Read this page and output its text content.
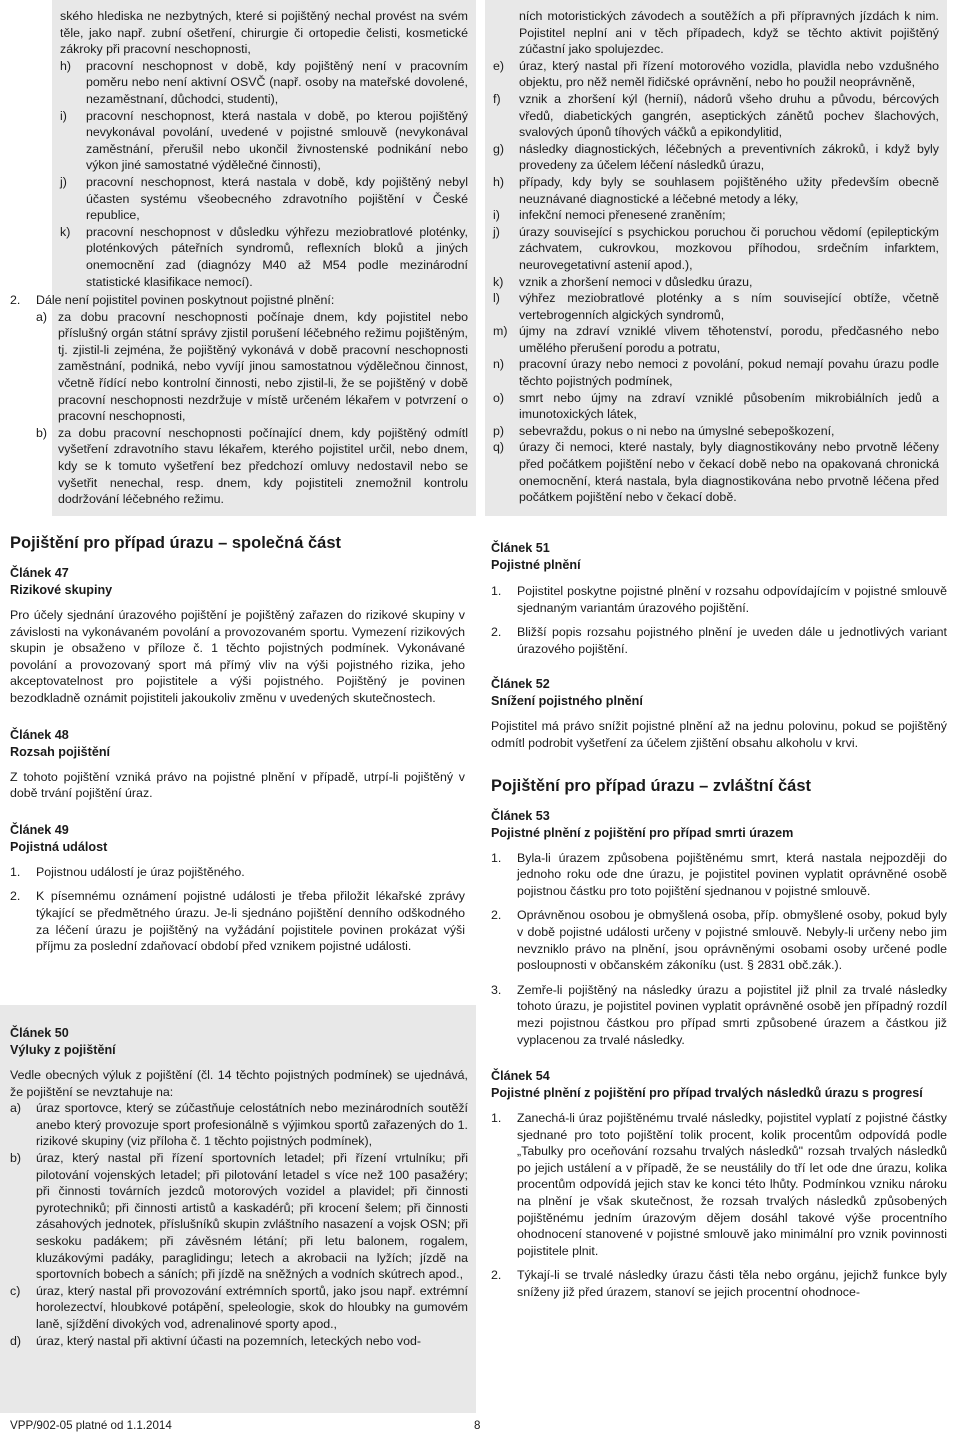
ského hlediska ne nezbytných, které si pojištěný nechal provést na svém těle, jako např. zubní ošetření, chirurgie či ortopedie čelisti, kosmetické zákroky při pracovní neschopnosti,

h)	pracovní neschopnost v době, kdy pojištěný není v pracovním poměru nebo není aktivní OSVČ (např. osoby na mateřské dovolené, nezaměstnaní, důchodci, studenti),
i)	pracovní neschopnost, která nastala v době, po kterou pojištěný nevykonával povolání, uvedené v pojistné smlouvě (nevykonával zaměstnání, přerušil nebo ukončil živnostenské podnikání nebo výkon jiné samostatné výdělečné činnosti),
j)	pracovní neschopnost, která nastala v době, kdy pojištěný nebyl účasten systému všeobecného zdravotního pojištění v České republice,
k)	pracovní neschopnost v důsledku výhřezu meziobratlové ploténky, ploténkových páteřních syndromů, reflexních bloků a jiných onemocnění zad (diagnózy M40 až M54 podle mezinárodní statistické klasifikace nemocí).
2.	Dále není pojistitel povinen poskytnout pojistné plnění:
a) za dobu pracovní neschopnosti počínaje dnem, kdy pojistitel nebo příslušný orgán státní správy zjistil porušení léčebného režimu pojištěným, tj. zjistil-li zejména, že pojištěný vykonává v době pracovní neschopnosti zaměstnání, podniká, nebo vyvíjí jinou samostatnou výdělečnou činnost, včetně řídící nebo kontrolní činnosti, nebo zjistil-li, že se pojištěný v době pracovní neschopnosti nezdržuje v místě určeném lékařem v potvrzení o pracovní neschopnosti,
b) za dobu pracovní neschopnosti počínající dnem, kdy pojištěný odmítl vyšetření zdravotního stavu lékařem, kterého pojistitel určil, nebo dnem, kdy se k tomuto vyšetření bez předchozí omluvy nedostavil nebo se vyšetřit nenechal, resp. dnem, kdy pojistiteli znemožnil kontrolu dodržování léčebného režimu.

ních motoristických závodech a soutěžích a při přípravných jízdách k nim. Pojistitel neplní ani v těch případech, když se těchto aktivit pojištěný zúčastní jako spolujezdec.

e)	úraz, který nastal při řízení motorového vozidla, plavidla nebo vzdušného objektu, pro něž neměl řidičské oprávnění, nebo ho použil neoprávněně,
f)	vznik a zhoršení kýl (hernií), nádorů všeho druhu a původu, bércových vředů, diabetických gangrén, aseptických zánětů pochev šlachových, svalových úponů tíhových váčků a epikondylitid,
g)	následky diagnostických, léčebných a preventivních zákroků, i když byly provedeny za účelem léčení následků úrazu,
h)	případy, kdy byly se souhlasem pojištěného užity především obecně neuznávané diagnostické a léčebné metody a léky,
i)	infekční nemoci přenesené zraněním;
j)	úrazy související s psychickou poruchou či poruchou vědomí (epileptickým záchvatem, cukrovkou, mozkovou příhodou, srdečním infarktem, neurovegetativní astenií apod.),
k)	vznik a zhoršení nemoci v důsledku úrazu,
l)	výhřez meziobratlové ploténky a s ním související obtíže, včetně vertebrogenních algických syndromů,
m) újmy na zdraví vzniklé vlivem těhotenství, porodu, předčasného nebo umělého přerušení porodu a potratu,
n)	pracovní úrazy nebo nemoci z povolání, pokud nemají povahu úrazu podle těchto pojistných podmínek,
o)	smrt nebo újmy na zdraví vzniklé působením mikrobiálních jedů a imunotoxických látek,
p)	sebevraždu, pokus o ni nebo na úmyslné sebepoškození,
q)	úrazy či nemoci, které nastaly, byly diagnostikovány nebo prvotně léčeny před počátkem pojištění nebo v čekací době nebo na opakovaná chronická onemocnění, která nastala, byla diagnostikována nebo prvotně léčena před počátkem pojištění nebo v čekací době.
Pojištění pro případ úrazu – společná část
Článek 47
Rizikové skupiny

Pro účely sjednání úrazového pojištění je pojištěný zařazen do rizikové skupiny v závislosti na vykonávaném povolání a provozovaném sportu. Vymezení rizikových skupin je obsaženo v příloze č. 1 těchto pojistných podmínek. Vykonávané povolání a provozovaný sport má přímý vliv na výši pojistného rizika, jeho akceptovatelnost pro pojistitele a výši pojistného. Pojištěný je povinen bezodkladně oznámit pojistiteli jakoukoliv změnu v uvedených skutečnostech.

Článek 48
Rozsah pojištění

Z tohoto pojištění vzniká právo na pojistné plnění v případě, utrpí-li pojištěný v době trvání pojištění úraz.

Článek 49
Pojistná událost
1.	Pojistnou událostí je úraz pojištěného.
2.	K písemnému oznámení pojistné události je třeba přiložit lékařské zprávy týkající se předmětného úrazu. Je-li sjednáno pojištění denního odškodného za léčení úrazu je pojištěný na vyžádání pojistitele povinen prokázat výši příjmu za poslední zdaňovací období před vznikem pojistné události.
Článek 50
Výluky z pojištění

Vedle obecných výluk z pojištění (čl. 14 těchto pojistných podmínek) se ujednává, že pojištění se nevztahuje na:

a)	úraz sportovce, který se zúčastňuje celostátních nebo mezinárodních soutěží anebo který provozuje sport profesionálně s výjimkou sportů zařazených do 1. rizikové skupiny (viz příloha č. 1 těchto pojistných podmínek),
b)	úraz, který nastal při řízení sportovních letadel; při řízení vrtulníku; při pilotování vojenských letadel; při pilotování letadel s více než 100 pasažéry; při činnosti továrních jezdců motorových vozidel a plavidel; při činnosti pyrotechniků; při činnosti artistů a kaskadérů; při krocení šelem; při činnosti zásahových jednotek, příslušníků skupin zvláštního nasazení a vojsk OSN; při seskoku padákem; při závěsném létání; při letu balonem, rogalem, kluzákovými padáky, paraglidingu; letech a akrobacii na lyžích; jízdě na sportovních bobech a sáních; při jízdě na sněžných a vodních skútrech apod.,
c)	úraz, který nastal při provozování extrémních sportů, jako jsou např. extrémní horolezectví, hloubkové potápění, speleologie, skok do hloubky na gumovém laně, sjíždění divokých vod, adrenalinové sporty apod.,
d)	úraz, který nastal při aktivní účasti na pozemních, leteckých nebo vod-
Článek 51
Pojistné plnění
1.	Pojistitel poskytne pojistné plnění v rozsahu odpovídajícím v pojistné smlouvě sjednaným variantám úrazového pojištění.
2.	Bližší popis rozsahu pojistného plnění je uveden dále u jednotlivých variant úrazového pojištění.
Článek 52
Snížení pojistného plnění

Pojistitel má právo snížit pojistné plnění až na jednu polovinu, pokud se pojištěný odmítl podrobit vyšetření za účelem zjištění obsahu alkoholu v krvi.

Pojištění pro případ úrazu – zvláštní část
Článek 53
Pojistné plnění z pojištění pro případ smrti úrazem
1.	Byla-li úrazem způsobena pojištěnému smrt, která nastala nejpozději do jednoho roku ode dne úrazu, je pojistitel povinen vyplatit oprávněné osobě pojistnou částku pro toto pojištění sjednanou v pojistné smlouvě.
2.	Oprávněnou osobou je obmyšlená osoba, příp. obmyšlené osoby, pokud byly v době pojistné události určeny v pojistné smlouvě. Nebyly-li určeny nebo jim nevzniklo právo na plnění, jsou oprávněnými osobami osoby určené podle posloupnosti v občanském zákoníku (ust. § 2831 obč.zák.).
3.	Zemře-li pojištěný na následky úrazu a pojistitel již plnil za trvalé následky tohoto úrazu, je pojistitel povinen vyplatit oprávněné osobě jen případný rozdíl mezi pojistnou částkou pro případ smrti způsobené úrazem a částkou již vyplacenou za trvalé následky.
Článek 54
Pojistné plnění z pojištění pro případ trvalých následků úrazu s progresí
1.	Zanechá-li úraz pojištěnému trvalé následky, pojistitel vyplatí z pojistné částky sjednané pro toto pojištění tolik procent, kolik procentům odpovídá podle „Tabulky pro oceňování rozsahu trvalých následků" rozsah trvalých následků po jejich ustálení a v případě, že se neustálily do tří let ode dne úrazu, kolika procentům odpovídá jejich stav ke konci této lhůty. Podmínkou vzniku nároku na plnění je však skutečnost, že rozsah trvalých následků způsobených pojištěnému jedním úrazovým dějem dosáhl takové výše procentního ohodnocení stanovené v pojistné smlouvě jako minimální pro vznik povinnosti pojistitele plnit.
2.	Týkají-li se trvalé následky úrazu části těla nebo orgánu, jejichž funkce byly sníženy již před úrazem, stanoví se jejich procentní ohodnoce-
VPP/902-05 platné od 1.1.2014	8
